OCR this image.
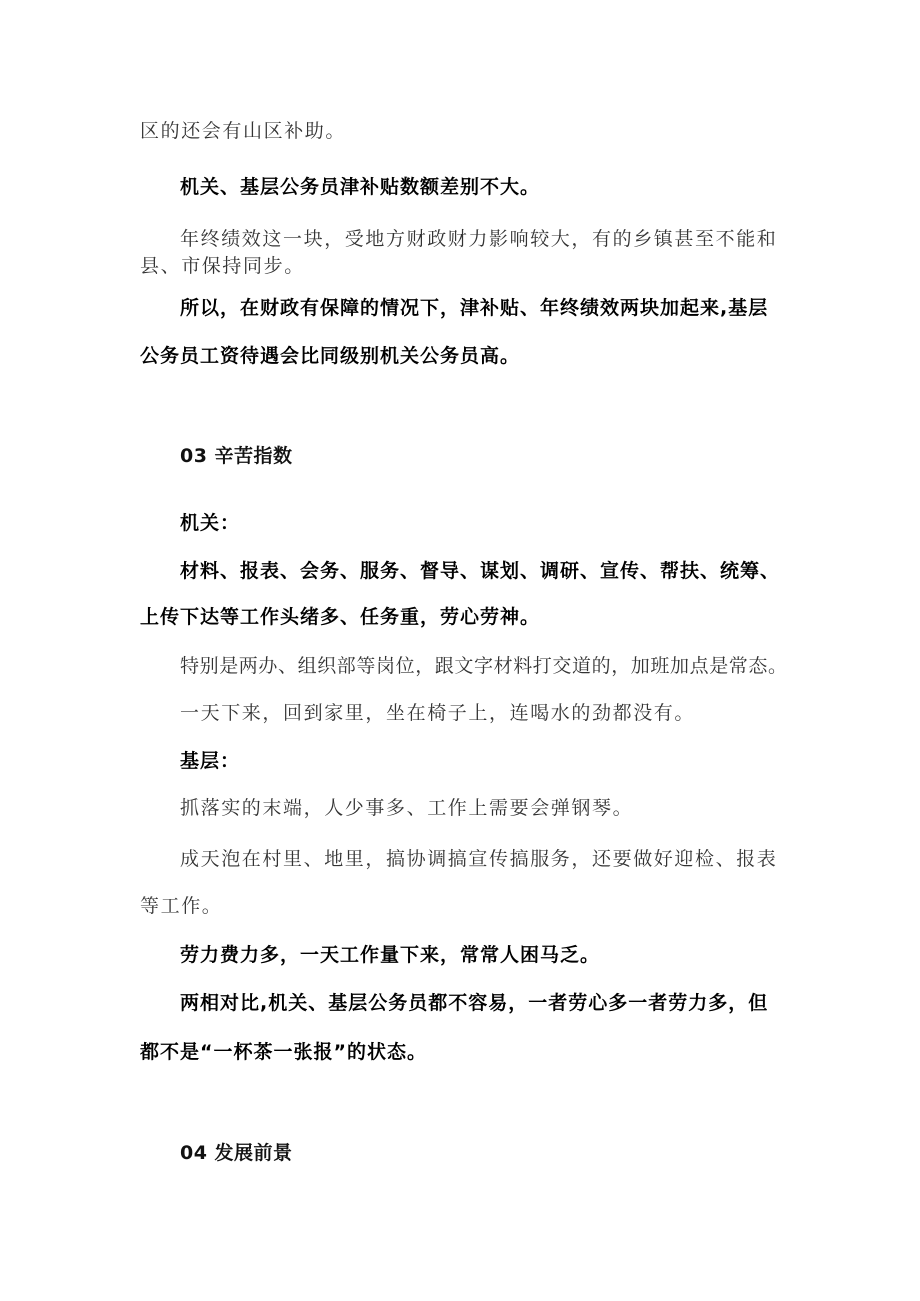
区的还会有山区补助。

机关、基层公务员津补贴数额差别不大。

年终绩效这一块，受地方财政财力影响较大，有的乡镇甚至不能和

县、市保持同步。

所以，在财政有保障的情况下，津补贴、年终绩效两块加起来,基层

公务员工资待遇会比同级别机关公务员高。

03 辛苦指数

机关：

材料、报表、会务、服务、督导、谋划、调研、宣传、帮扶、统筹、

上传下达等工作头绪多、任务重，劳心劳神。

特别是两办、组织部等岗位，跟文字材料打交道的，加班加点是常态。

一天下来，回到家里，坐在椅子上，连喝水的劲都没有。

基层：

抓落实的末端，人少事多、工作上需要会弹钢琴。

成天泡在村里、地里，搞协调搞宣传搞服务，还要做好迎检、报表

等工作。

劳力费力多，一天工作量下来，常常人困马乏。

两相对比,机关、基层公务员都不容易，一者劳心多一者劳力多，但

都不是“一杯茶一张报”的状态。

04 发展前景
